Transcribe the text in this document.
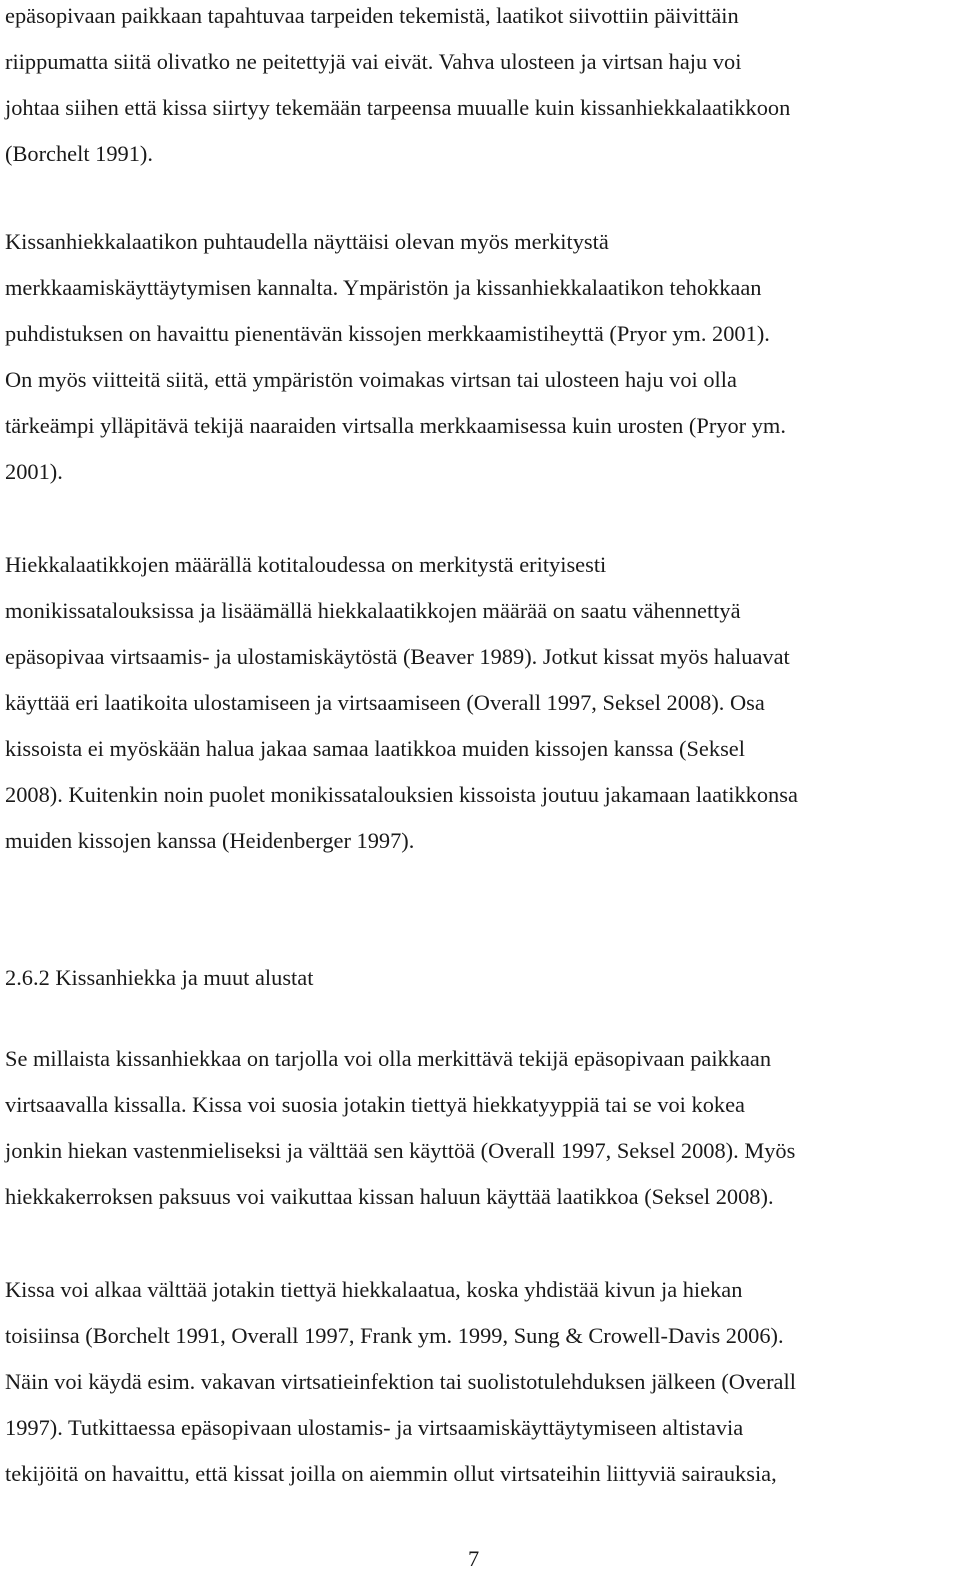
epäsopivaan paikkaan tapahtuvaa tarpeiden tekemistä, laatikot siivottiin päivittäin
riippumatta siitä olivatko ne peitettyjä vai eivät. Vahva ulosteen ja virtsan haju voi
johtaa siihen että kissa siirtyy tekemään tarpeensa muualle kuin kissanhiekkalaatikkoon
(Borchelt 1991).
Kissanhiekkalaatikon puhtaudella näyttäisi olevan myös merkitystä
merkkaamiskäyttäytymisen kannalta. Ympäristön ja kissanhiekkalaatikon tehokkaan
puhdistuksen on havaittu pienentävän kissojen merkkaamistiheyttä (Pryor ym. 2001).
On myös viitteitä siitä, että ympäristön voimakas virtsan tai ulosteen haju voi olla
tärkeämpi ylläpitävä tekijä naaraiden virtsalla merkkaamisessa kuin urosten (Pryor ym.
2001).
Hiekkalaatikkojen määrällä kotitaloudessa on merkitystä erityisesti
monikissatalouksissa ja lisäämällä hiekkalaatikkojen määrää on saatu vähennettyä
epäsopivaa virtsaamis- ja ulostamiskäytöstä (Beaver 1989). Jotkut kissat myös haluavat
käyttää eri laatikoita ulostamiseen ja virtsaamiseen (Overall 1997, Seksel 2008). Osa
kissoista ei myöskään halua jakaa samaa laatikkoa muiden kissojen kanssa (Seksel
2008). Kuitenkin noin puolet monikissatalouksien kissoista joutuu jakamaan laatikkonsa
muiden kissojen kanssa (Heidenberger 1997).
2.6.2 Kissanhiekka ja muut alustat
Se millaista kissanhiekkaa on tarjolla voi olla merkittävä tekijä epäsopivaan paikkaan
virtsaavalla kissalla. Kissa voi suosia jotakin tiettyä hiekkatyyppiä tai se voi kokea
jonkin hiekan vastenmieliseksi ja välttää sen käyttöä (Overall 1997, Seksel 2008). Myös
hiekkakerroksen paksuus voi vaikuttaa kissan haluun käyttää laatikkoa (Seksel 2008).
Kissa voi alkaa välttää jotakin tiettyä hiekkalaatua, koska yhdistää kivun ja hiekan
toisiinsa (Borchelt 1991, Overall 1997, Frank ym. 1999, Sung & Crowell-Davis 2006).
Näin voi käydä esim. vakavan virtsatieinfektion tai suolistotulehduksen jälkeen (Overall
1997). Tutkittaessa epäsopivaan ulostamis- ja virtsaamiskäyttäytymiseen altistavia
tekijöitä on havaittu, että kissat joilla on aiemmin ollut virtsateihin liittyviä sairauksia,
7
